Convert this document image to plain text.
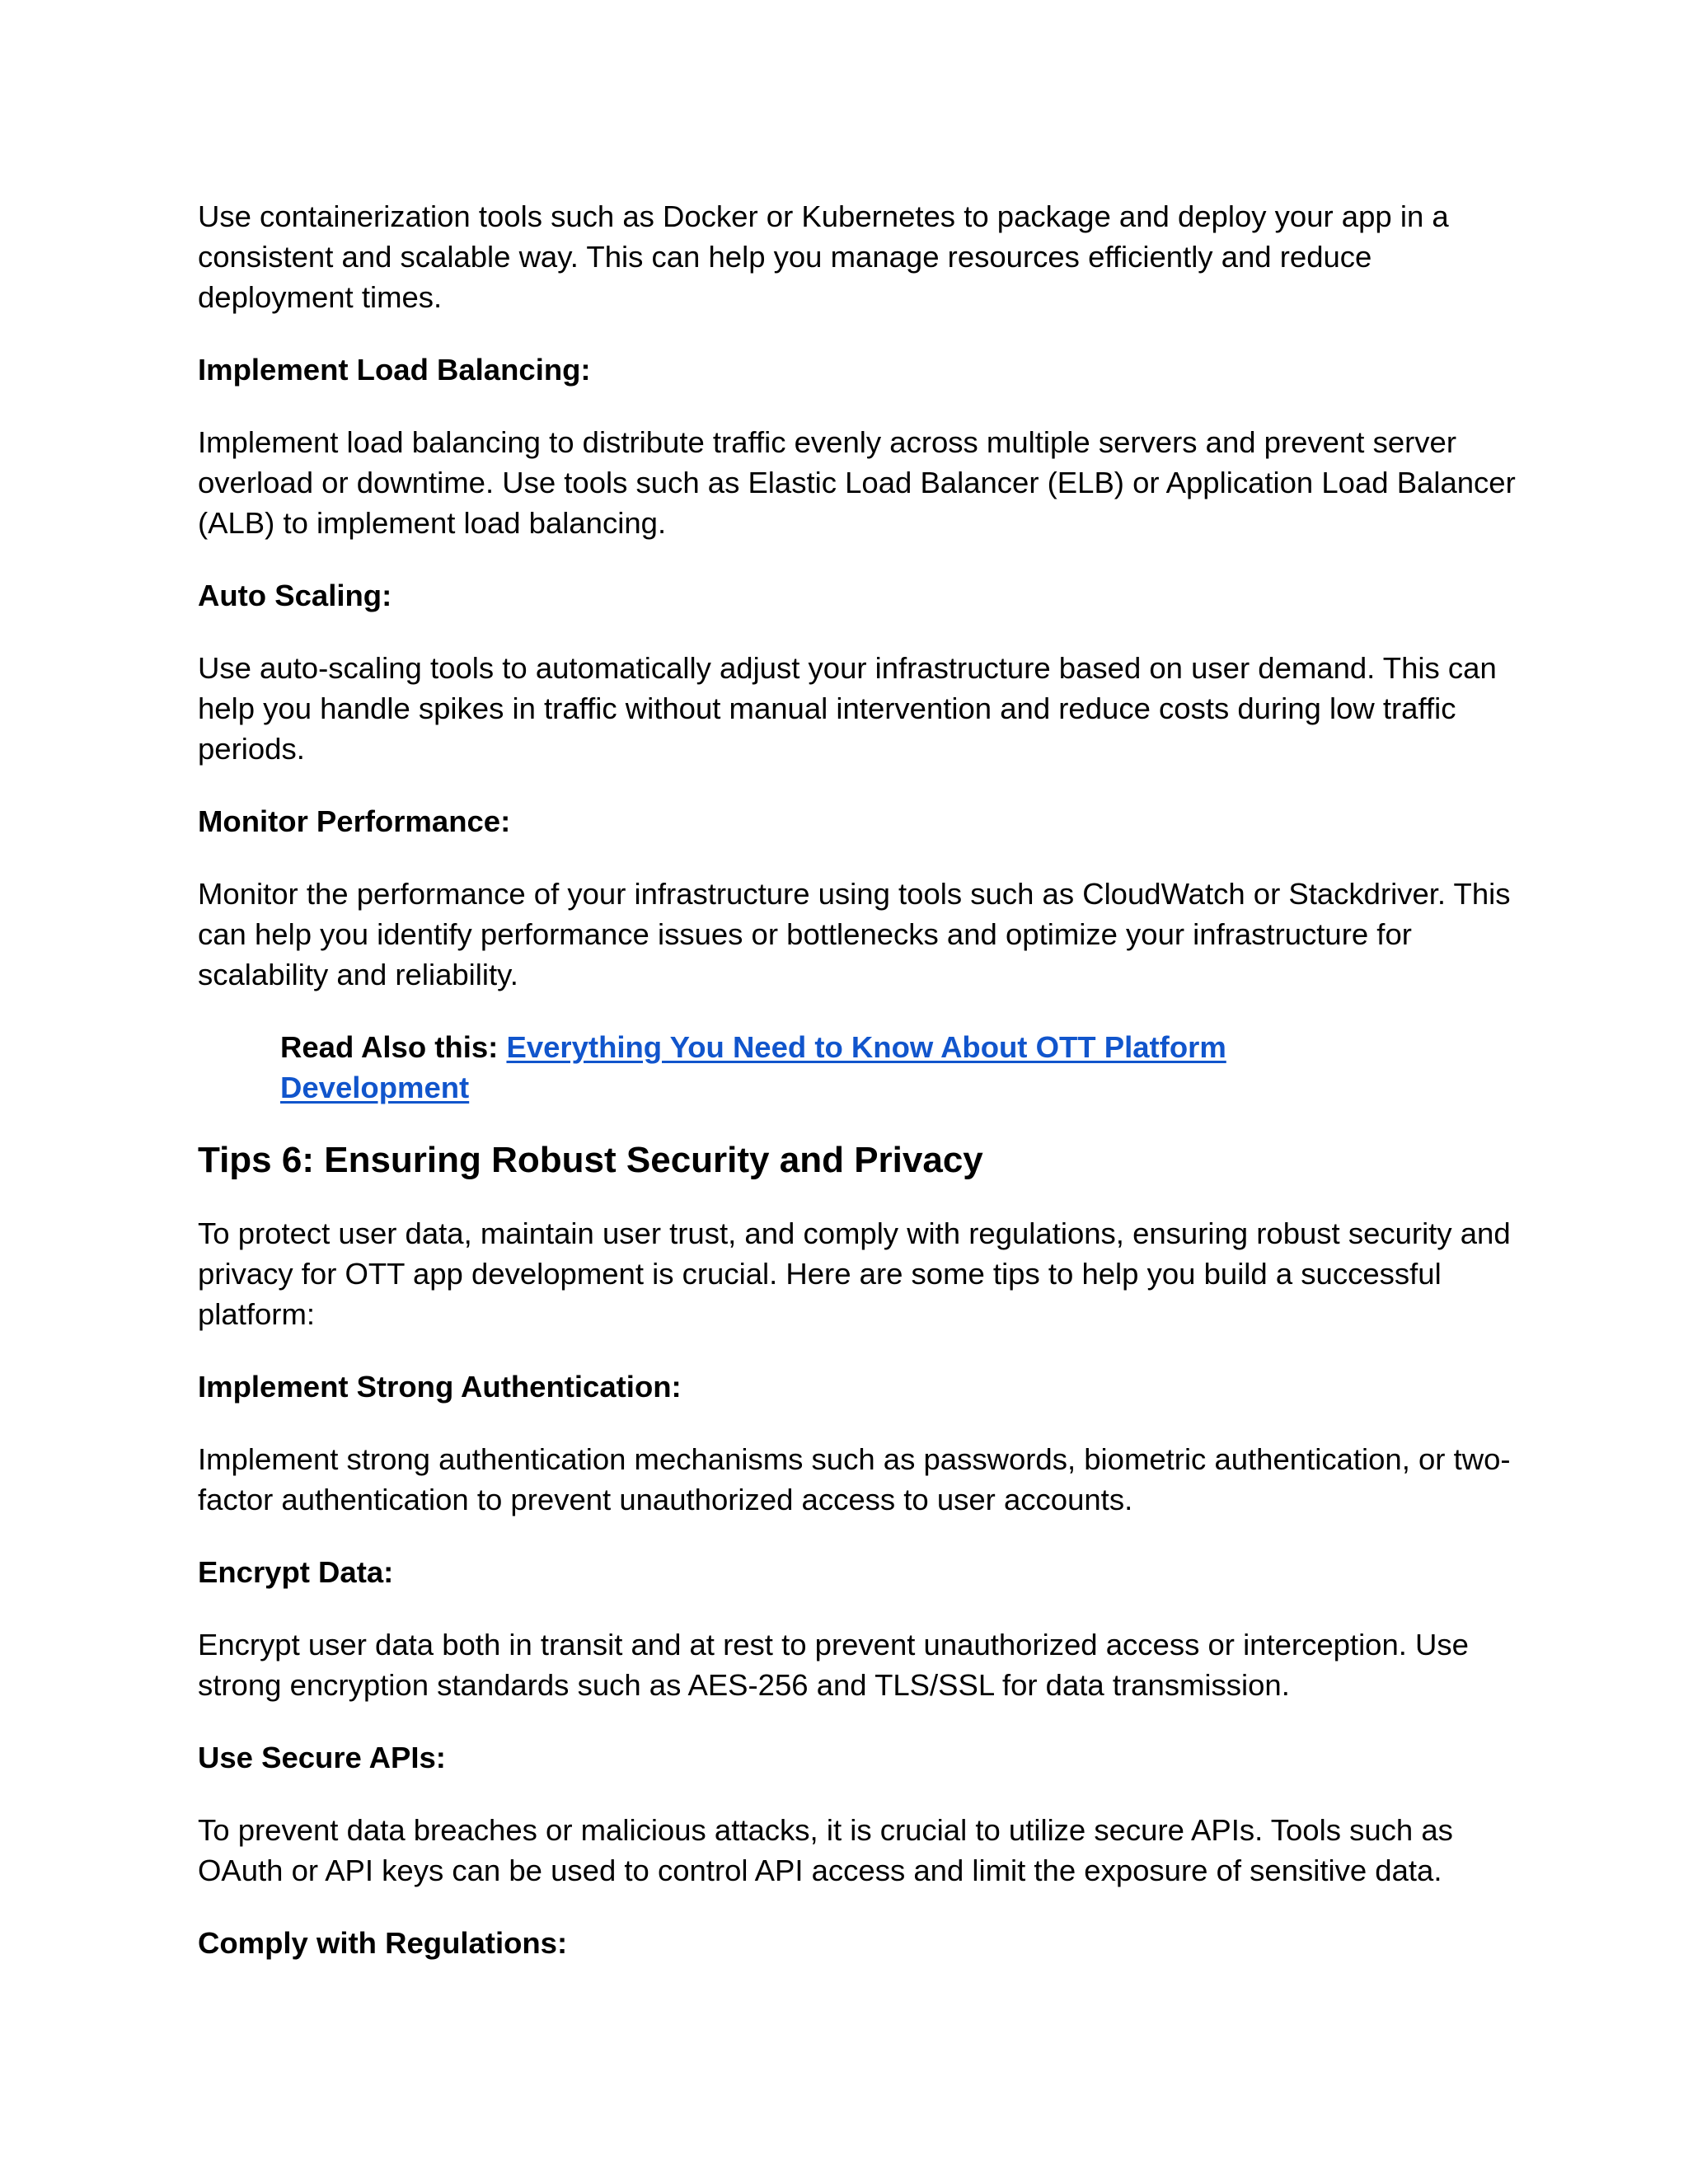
Use containerization tools such as Docker or Kubernetes to package and deploy your app in a consistent and scalable way. This can help you manage resources efficiently and reduce deployment times.

Implement Load Balancing:

Implement load balancing to distribute traffic evenly across multiple servers and prevent server overload or downtime. Use tools such as Elastic Load Balancer (ELB) or Application Load Balancer (ALB) to implement load balancing.

Auto Scaling:

Use auto-scaling tools to automatically adjust your infrastructure based on user demand. This can help you handle spikes in traffic without manual intervention and reduce costs during low traffic periods.

Monitor Performance:

Monitor the performance of your infrastructure using tools such as CloudWatch or Stackdriver. This can help you identify performance issues or bottlenecks and optimize your infrastructure for scalability and reliability.

Read Also this: Everything You Need to Know About OTT Platform Development

Tips 6: Ensuring Robust Security and Privacy

To protect user data, maintain user trust, and comply with regulations, ensuring robust security and privacy for OTT app development is crucial. Here are some tips to help you build a successful platform:

Implement Strong Authentication:

Implement strong authentication mechanisms such as passwords, biometric authentication, or two-factor authentication to prevent unauthorized access to user accounts.

Encrypt Data:

Encrypt user data both in transit and at rest to prevent unauthorized access or interception. Use strong encryption standards such as AES-256 and TLS/SSL for data transmission.

Use Secure APIs:

To prevent data breaches or malicious attacks, it is crucial to utilize secure APIs. Tools such as OAuth or API keys can be used to control API access and limit the exposure of sensitive data.

Comply with Regulations:
